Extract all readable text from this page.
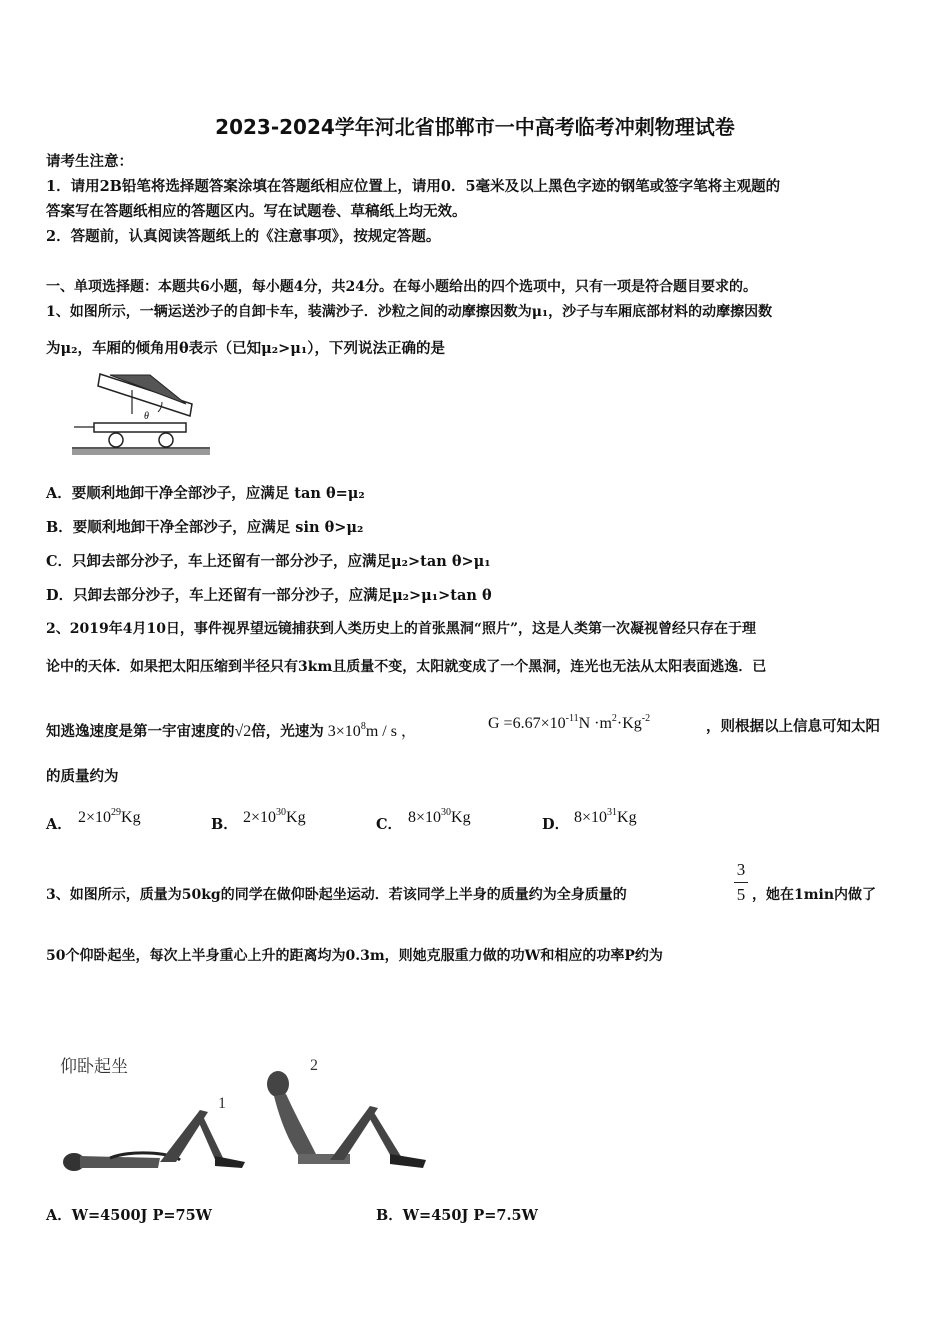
2023-2024学年河北省邯郸市一中高考临考冲刺物理试卷
请考生注意：
1．请用2B铅笔将选择题答案涂填在答题纸相应位置上，请用0．5毫米及以上黑色字迹的钢笔或签字笔将主观题的
答案写在答题纸相应的答题区内。写在试题卷、草稿纸上均无效。
2．答题前，认真阅读答题纸上的《注意事项》，按规定答题。
一、单项选择题：本题共6小题，每小题4分，共24分。在每小题给出的四个选项中，只有一项是符合题目要求的。
1、如图所示，一辆运送沙子的自卸卡车，装满沙子．沙粒之间的动摩擦因数为μ₁，沙子与车厢底部材料的动摩擦因数
为μ₂，车厢的倾角用θ表示（已知μ₂>μ₁），下列说法正确的是
θ
A．要顺利地卸干净全部沙子，应满足 tan θ=μ₂
B．要顺利地卸干净全部沙子，应满足 sin θ>μ₂
C．只卸去部分沙子，车上还留有一部分沙子，应满足μ₂>tan θ>μ₁
D．只卸去部分沙子，车上还留有一部分沙子，应满足μ₂>μ₁>tan θ
2、2019年4月10日，事件视界望远镜捕获到人类历史上的首张黑洞“照片”，这是人类第一次凝视曾经只存在于理
论中的天体．如果把太阳压缩到半径只有3km且质量不变，太阳就变成了一个黑洞，连光也无法从太阳表面逃逸．已
知逃逸速度是第一宇宙速度的√2倍，光速为 $3\times 10^8m / s$ ，	$G =6.67\times 10^{-11}N \cdot m^2\cdot Kg^{-2}$	，则根据以上信息可知太阳
的质量约为
A． $2\times 10^{29}Kg$	B． $2\times 10^{30}Kg$	C． $8\times 10^{30}Kg$	D． $8\times 10^{31}Kg$
3、如图所示，质量为50kg的同学在做仰卧起坐运动．若该同学上半身的质量约为全身质量的
3
5 ，她在1min内做了
50个仰卧起坐，每次上半身重心上升的距离均为0.3m，则她克服重力做的功W和相应的功率P约为
仰卧起坐
1
2
A．W=4500J P=75W	B．W=450J P=7.5W
